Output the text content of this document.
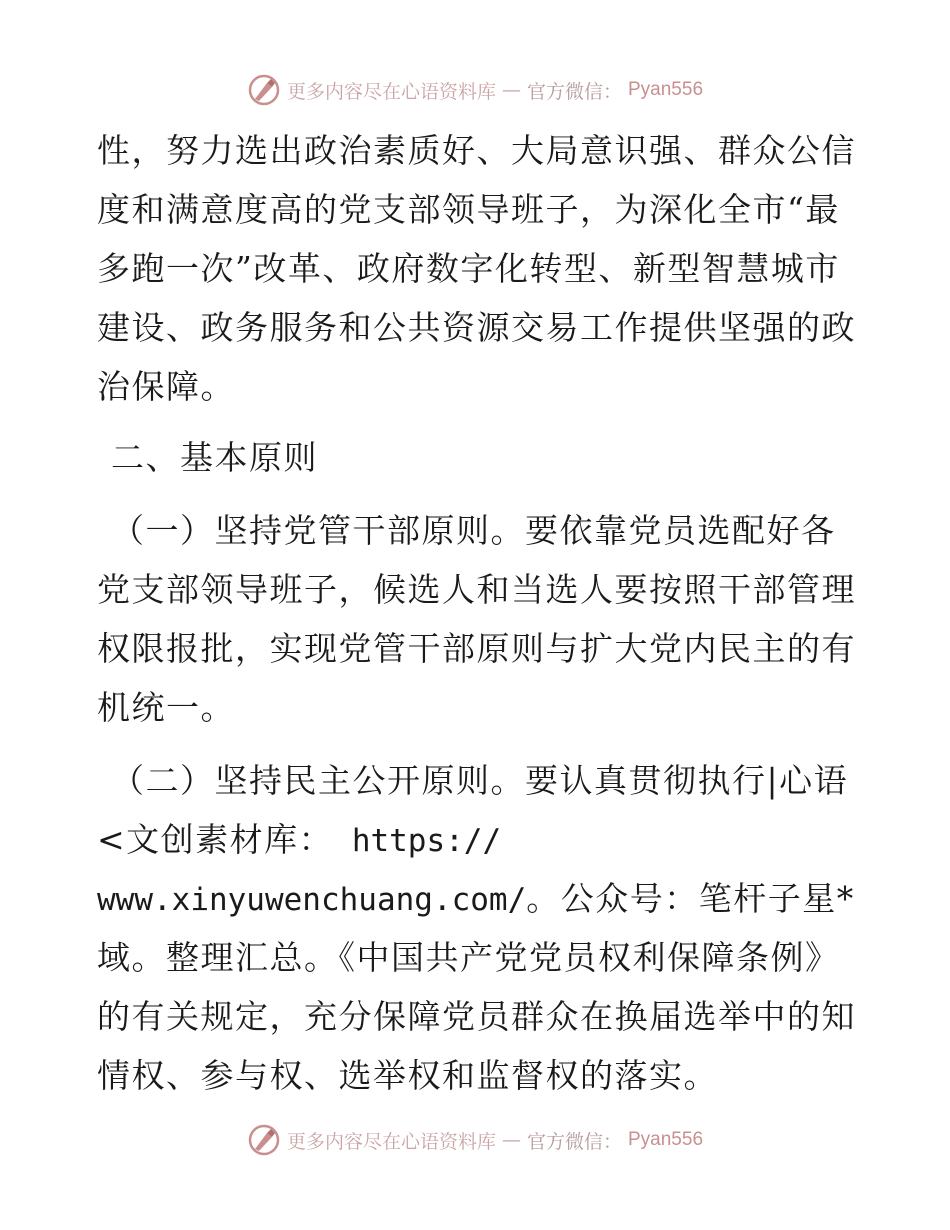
更多内容尽在心语资料库 — 官方微信： Pyan556
性，努力选出政治素质好、大局意识强、群众公信
度和满意度高的党支部领导班子，为深化全市“最
多跑一次”改革、政府数字化转型、新型智慧城市
建设、政务服务和公共资源交易工作提供坚强的政
治保障。
二、基本原则
（一）坚持党管干部原则。要依靠党员选配好各
党支部领导班子，候选人和当选人要按照干部管理
权限报批，实现党管干部原则与扩大党内民主的有
机统一。
（二）坚持民主公开原则。要认真贯彻执行|心语
<文创素材库： https://
www.xinyuwenchuang.com/。公众号：笔杆子星*
域。整理汇总。《中国共产党党员权利保障条例》
的有关规定，充分保障党员群众在换届选举中的知
情权、参与权、选举权和监督权的落实。
更多内容尽在心语资料库 — 官方微信： Pyan556
